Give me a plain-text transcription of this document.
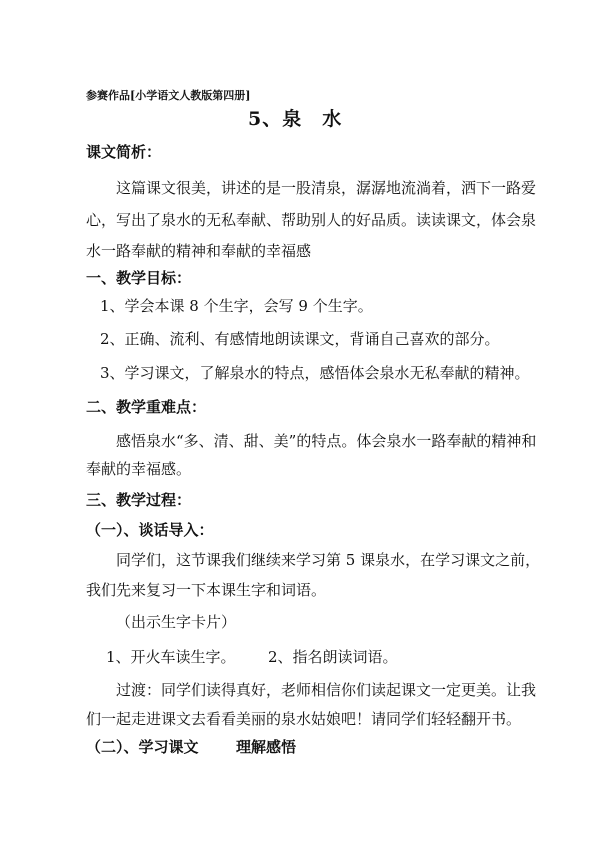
参赛作品[小学语文人教版第四册]
5、泉　水
课文简析：
这篇课文很美，讲述的是一股清泉，潺潺地流淌着，洒下一路爱
心，写出了泉水的无私奉献、帮助别人的好品质。读读课文，体会泉
水一路奉献的精神和奉献的幸福感
一、教学目标：
1、学会本课 8 个生字，会写 9 个生字。
2、正确、流利、有感情地朗读课文，背诵自己喜欢的部分。
3、学习课文，了解泉水的特点，感悟体会泉水无私奉献的精神。
二、教学重难点：
感悟泉水“多、清、甜、美”的特点。体会泉水一路奉献的精神和
奉献的幸福感。
三、教学过程：
（一）、谈话导入：
同学们，这节课我们继续来学习第 5 课泉水，在学习课文之前，
我们先来复习一下本课生字和词语。
（出示生字卡片）
1、开火车读生字。 2、指名朗读词语。
过渡：同学们读得真好，老师相信你们读起课文一定更美。让我
们一起走进课文去看看美丽的泉水姑娘吧！请同学们轻轻翻开书。
（二）、学习课文 理解感悟
